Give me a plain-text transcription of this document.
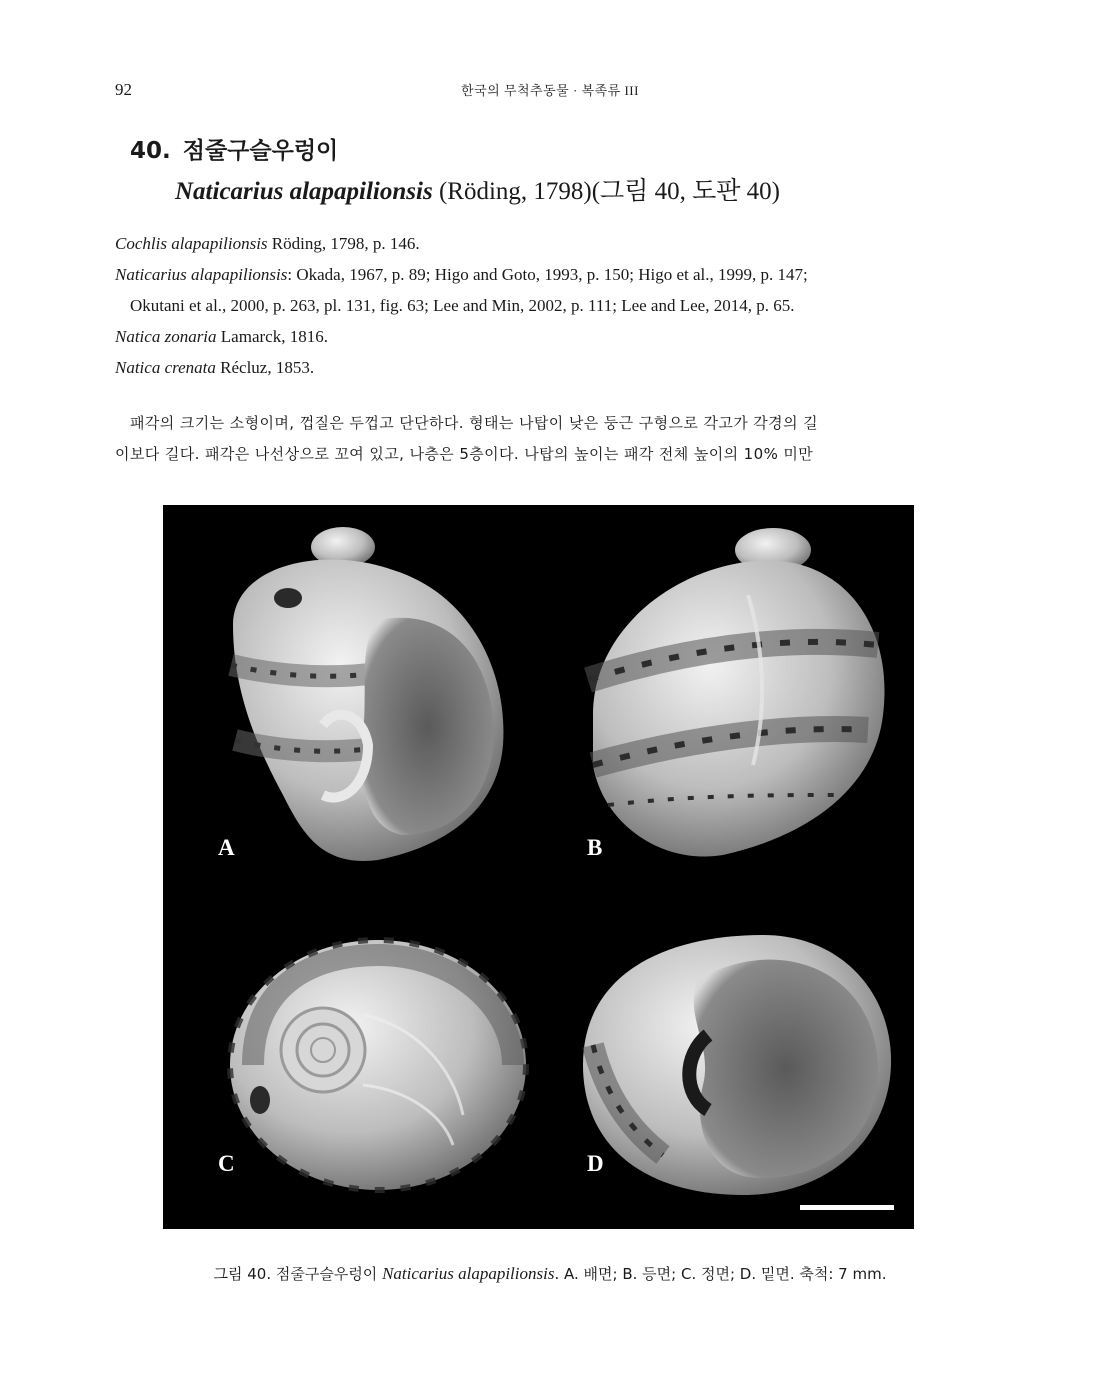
92	한국의 무척추동물 · 복족류 III
40. 점줄구슬우렁이
Naticarius alapapilionsis (Röding, 1798)(그림 40, 도판 40)
Cochlis alapapilionsis Röding, 1798, p. 146.
Naticarius alapapilionsis: Okada, 1967, p. 89; Higo and Goto, 1993, p. 150; Higo et al., 1999, p. 147;
Okutani et al., 2000, p. 263, pl. 131, fig. 63; Lee and Min, 2002, p. 111; Lee and Lee, 2014, p. 65.
Natica zonaria Lamarck, 1816.
Natica crenata Récluz, 1853.
패각의 크기는 소형이며, 껍질은 두껍고 단단하다. 형태는 나탑이 낮은 둥근 구형으로 각고가 각경의 길
이보다 길다. 패각은 나선상으로 꼬여 있고, 나층은 5층이다. 나탑의 높이는 패각 전체 높이의 10% 미만
A	B
C	D
그림 40. 점줄구슬우렁이 Naticarius alapapilionsis. A. 배면; B. 등면; C. 정면; D. 밑면. 축척: 7 mm.
